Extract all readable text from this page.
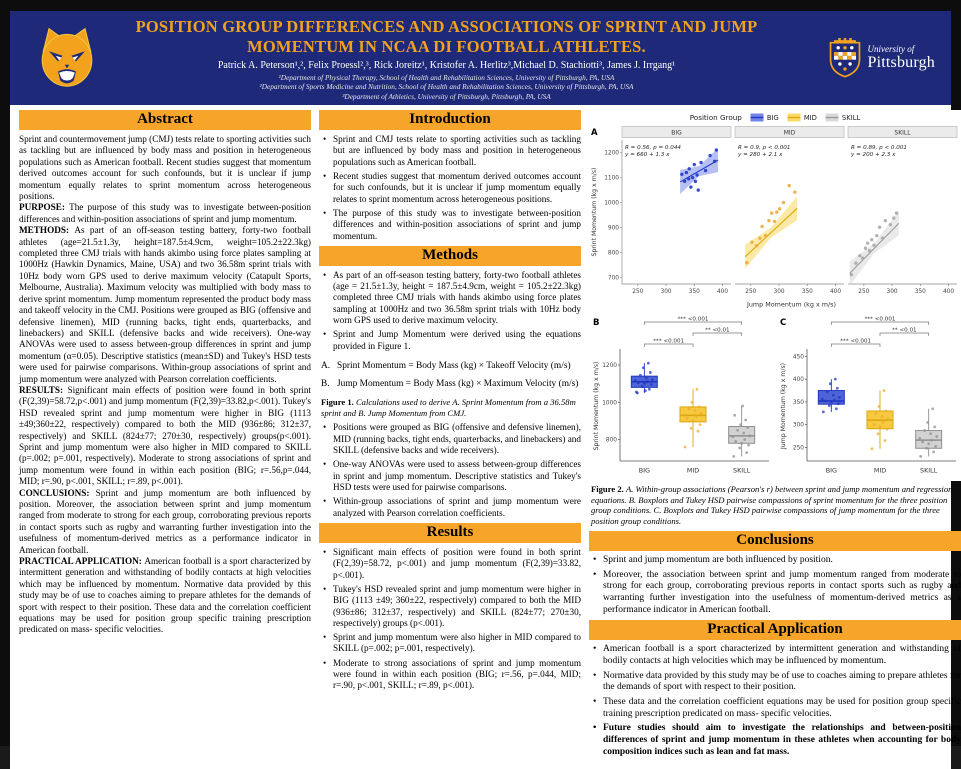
POSITION GROUP DIFFERENCES AND ASSOCIATIONS OF SPRINT AND JUMP MOMENTUM IN NCAA DI FOOTBALL ATHLETES.
Patrick A. Peterson¹,², Felix Proessl²,³, Rick Joreitz¹, Kristofer A. Herlitz³,Michael D. Stachiotti³, James J. Irrgang¹
¹Department of Physical Therapy, School of Health and Rehabilitation Sciences, University of Pittsburgh, PA, USA
²Department of Sports Medicine and Nutrition, School of Health and Rehabilitation Sciences, University of Pittsburgh, PA, USA
³Department of Athletics, University of Pittsburgh, Pittsburgh, PA, USA
University of
Pittsburgh
Abstract

Sprint and countermovement jump (CMJ) tests relate to sporting activities such as tackling but are influenced by body mass and position in heterogeneous populations such as American football. Recent studies suggest that momentum derived outcomes account for such confounds, but it is unclear if jump momentum equally relates to sprint momentum across heterogeneous positions.

PURPOSE: The purpose of this study was to investigate between-position differences and within-position associations of sprint and jump momentum.

METHODS: As part of an off-season testing battery, forty-two football athletes (age=21.5±1.3y, height=187.5±4.9cm, weight=105.2±22.3kg) completed three CMJ trials with hands akimbo using force plates sampling at 1000Hz (Hawkin Dynamics, Maine, USA) and two 36.58m sprint trials with 10Hz body worn GPS used to derive maximum velocity (Catapult Sports, Melbourne, Australia). Maximum velocity was multiplied with body mass to derive sprint momentum. Jump momentum represented the product body mass and takeoff velocity in the CMJ. Positions were grouped as BIG (offensive and defensive linemen), MID (running backs, tight ends, quarterbacks, and linebackers) and SKILL (defensive backs and wide receivers). One-way ANOVAs were used to assess between-group differences in sprint and jump momentum (α=0.05). Descriptive statistics (mean±SD) and Tukey's HSD tests were used for pairwise comparisons. Within-group associations of sprint and jump momentum were analyzed with Pearson correlation coefficients.

RESULTS: Significant main effects of position were found in both sprint (F(2,39)=58.72,p<.001) and jump momentum (F(2,39)=33.82,p<.001). Tukey's HSD revealed sprint and jump momentum were higher in BIG (1113 ±49;360±22, respectively) compared to both the MID (936±86; 312±37, respectively) and SKILL (824±77; 270±30, respectively) groups(p<.001). Sprint and jump momentum were also higher in MID compared to SKILL (p=.002; p=.001, respectively). Moderate to strong associations of sprint and jump momentum were found in within each position (BIG; r=.56,p=.044, MID; r=.90, p<.001, SKILL; r=.89, p<.001).

CONCLUSIONS: Sprint and jump momentum are both influenced by position. Moreover, the association between sprint and jump momentum ranged from moderate to strong for each group, corroborating previous reports in contact sports such as rugby and warranting further investigation into the usefulness of momentum-derived metrics as a performance indicator in American football.

PRACTICAL APPLICATION: American football is a sport characterized by intermittent generation and withstanding of bodily contacts at high velocities which may be influenced by momentum. Normative data provided by this study may be of use to coaches aiming to prepare athletes for the demands of sport with respect to their position. These data and the correlation coefficient equations may be used for position group specific training prescription predicated on mass- specific velocities.

Introduction
• Sprint and CMJ tests relate to sporting activities such as tackling but are influenced by body mass and position in heterogeneous populations such as American football.
• Recent studies suggest that momentum derived outcomes account for such confounds, but it is unclear if jump momentum equally relates to sprint momentum across heterogeneous positions.
• The purpose of this study was to investigate between-position differences and within-position associations of sprint and jump momentum.
Methods
• As part of an off-season testing battery, forty-two football athletes (age = 21.5±1.3y, height = 187.5±4.9cm, weight = 105.2±22.3kg) completed three CMJ trials with hands akimbo using force plates sampling at 1000Hz and two 36.58m sprint trials with 10Hz body worn GPS used to derive maximum velocity.
• Sprint and Jump Momentum were derived using the equations provided in Figure 1.
A. Sprint Momentum = Body Mass (kg) × Takeoff Velocity (m/s)
B. Jump Momentum = Body Mass (kg) × Maximum Velocity (m/s)
Figure 1. Calculations used to derive A. Sprint Momentum from a 36.58m sprint and B. Jump Momentum from CMJ.
• Positions were grouped as BIG (offensive and defensive linemen), MID (running backs, tight ends, quarterbacks, and linebackers) and SKILL (defensive backs and wide receivers).
• One-way ANOVAs were used to assess between-group differences in sprint and jump momentum. Descriptive statistics and Tukey's HSD tests were used for pairwise comparisons.
• Within-group associations of sprint and jump momentum were analyzed with Pearson correlation coefficients.
Results
• Significant main effects of position were found in both sprint (F(2,39)=58.72, p<.001) and jump momentum (F(2,39)=33.82, p<.001).
• Tukey's HSD revealed sprint and jump momentum were higher in BIG (1113 ±49; 360±22, respectively) compared to both the MID (936±86; 312±37, respectively) and SKILL (824±77; 270±30, respectively) groups (p<.001).
• Sprint and jump momentum were also higher in MID compared to SKILL (p=.002; p=.001, respectively).
• Moderate to strong associations of sprint and jump momentum were found in within each position (BIG; r=.56, p=.044, MID; r=.90, p<.001, SKILL; r=.89, p<.001).
Position Group	BIG	MID	SKILL
A
700
800
900
1000
1100
1200
Sprint Momentum (kg x m/s)
BIG
250	300	350	400
R = 0.56, p = 0.044
y = 660 + 1.3 x
MID
250	300	350	400
R = 0.9, p < 0.001
y = 280 + 2.1 x
SKILL
250	300	350	400
R = 0.89, p < 0.001
y = 200 + 2.3 x
Jump Momentum (kg x m/s)
B
800
1000
1200
Sprint Momentum (kg x m/s)
BIG	MID	SKILL
*** <0.001
** <0.01
*** <0.001
C
250
300
350
400
450
Jump Momentum (kg x m/s)
BIG	MID	SKILL
*** <0.001
** <0.01
*** <0.001
Figure 2. A. Within-group associations (Pearson's r) between sprint and jump momentum and regression equations. B. Boxplots and Tukey HSD pairwise compassions of sprint momentum for the three position group conditions. C. Boxplots and Tukey HSD pairwise compassions of jump momentum for the three position group conditions.
Conclusions
• Sprint and jump momentum are both influenced by position.
• Moreover, the association between sprint and jump momentum ranged from moderate to strong for each group, corroborating previous reports in contact sports such as rugby and warranting further investigation into the usefulness of momentum-derived metrics as a performance indicator in American football.
Practical Application
• American football is a sport characterized by intermittent generation and withstanding of bodily contacts at high velocities which may be influenced by momentum.
• Normative data provided by this study may be of use to coaches aiming to prepare athletes for the demands of sport with respect to their position.
• These data and the correlation coefficient equations may be used for position group specific training prescription predicated on mass- specific velocities.
• Future studies should aim to investigate the relationships and between-position differences of sprint and jump momentum in these athletes when accounting for body composition indices such as lean and fat mass.
